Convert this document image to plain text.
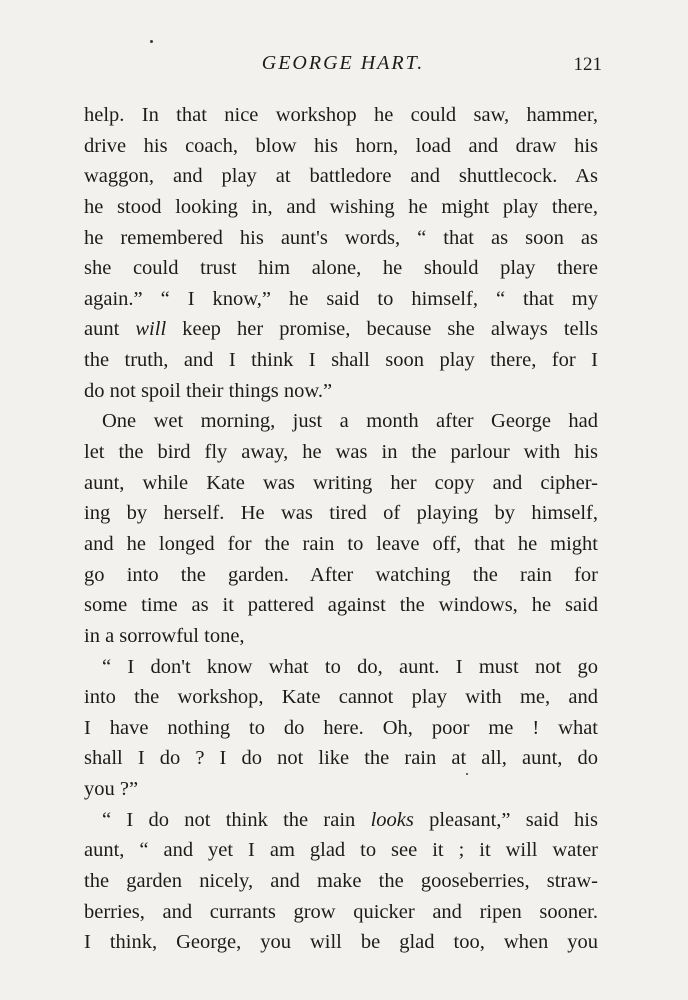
GEORGE HART.	121
help. In that nice workshop he could saw, hammer,
drive his coach, blow his horn, load and draw his
waggon, and play at battledore and shuttlecock. As
he stood looking in, and wishing he might play there,
he remembered his aunt's words, “ that as soon as
she could trust him alone, he should play there
again.” “ I know,” he said to himself, “ that my
aunt will keep her promise, because she always tells
the truth, and I think I shall soon play there, for I
do not spoil their things now.”
One wet morning, just a month after George had
let the bird fly away, he was in the parlour with his
aunt, while Kate was writing her copy and cipher-
ing by herself. He was tired of playing by himself,
and he longed for the rain to leave off, that he might
go into the garden. After watching the rain for
some time as it pattered against the windows, he said
in a sorrowful tone,
“ I don't know what to do, aunt. I must not go
into the workshop, Kate cannot play with me, and
I have nothing to do here. Oh, poor me ! what
shall I do ? I do not like the rain at all, aunt, do
you ?”
“ I do not think the rain looks pleasant,” said his
aunt, “ and yet I am glad to see it ; it will water
the garden nicely, and make the gooseberries, straw-
berries, and currants grow quicker and ripen sooner.
I think, George, you will be glad too, when you
